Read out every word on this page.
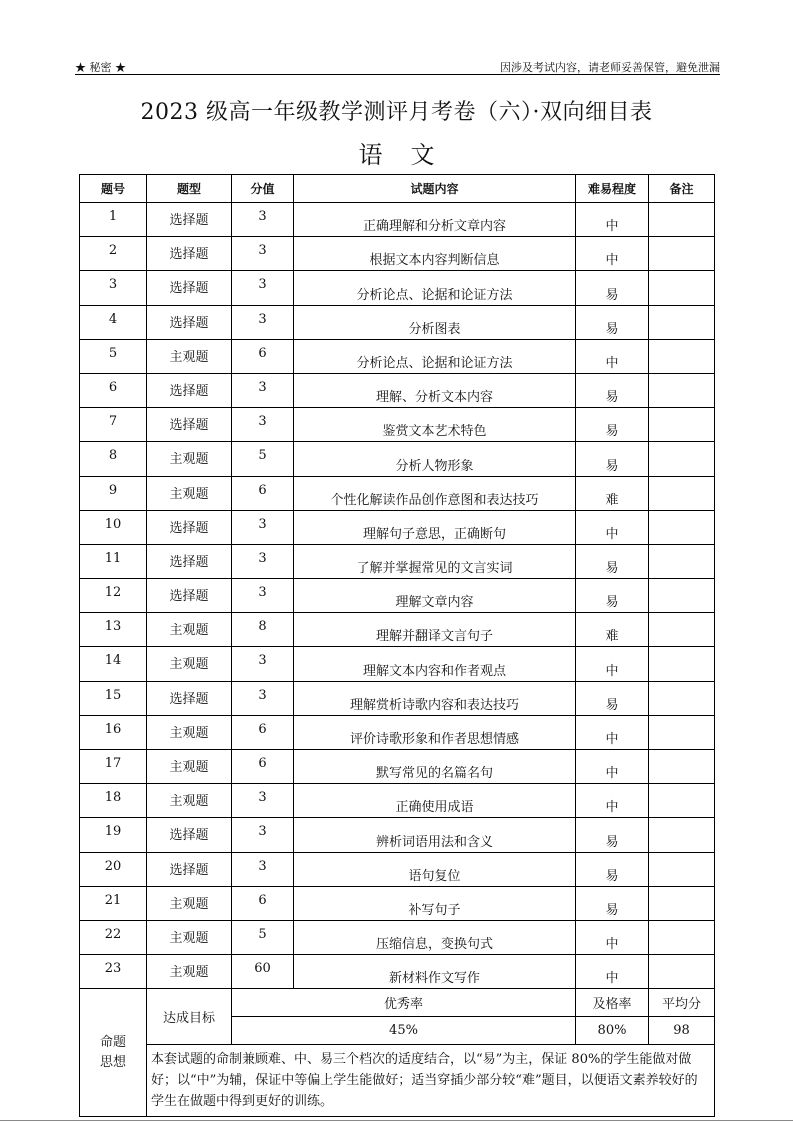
★ 秘密 ★	因涉及考试内容，请老师妥善保管，避免泄漏
2023 级高一年级教学测评月考卷（六）·双向细目表
语文
题号	题型	分值	试题内容	难易程度	备注
1	选择题	3	正确理解和分析文章内容	中	
2	选择题	3	根据文本内容判断信息	中	
3	选择题	3	分析论点、论据和论证方法	易	
4	选择题	3	分析图表	易	
5	主观题	6	分析论点、论据和论证方法	中	
6	选择题	3	理解、分析文本内容	易	
7	选择题	3	鉴赏文本艺术特色	易	
8	主观题	5	分析人物形象	易	
9	主观题	6	个性化解读作品创作意图和表达技巧	难	
10	选择题	3	理解句子意思，正确断句	中	
11	选择题	3	了解并掌握常见的文言实词	易	
12	选择题	3	理解文章内容	易	
13	主观题	8	理解并翻译文言句子	难	
14	主观题	3	理解文本内容和作者观点	中	
15	选择题	3	理解赏析诗歌内容和表达技巧	易	
16	主观题	6	评价诗歌形象和作者思想情感	中	
17	主观题	6	默写常见的名篇名句	中	
18	主观题	3	正确使用成语	中	
19	选择题	3	辨析词语用法和含义	易	
20	选择题	3	语句复位	易	
21	主观题	6	补写句子	易	
22	主观题	5	压缩信息，变换句式	中	
23	主观题	60	新材料作文写作	中	
命题
思想	达成目标	优秀率		及格率	平均分
		45%		80%	98
	本套试题的命制兼顾难、中、易三个档次的适度结合，以“易”为主，保证 80%的学生能做对做好；以“中”为辅，保证中等偏上学生能做好；适当穿插少部分较“难”题目，以便语文素养较好的学生在做题中得到更好的训练。				
